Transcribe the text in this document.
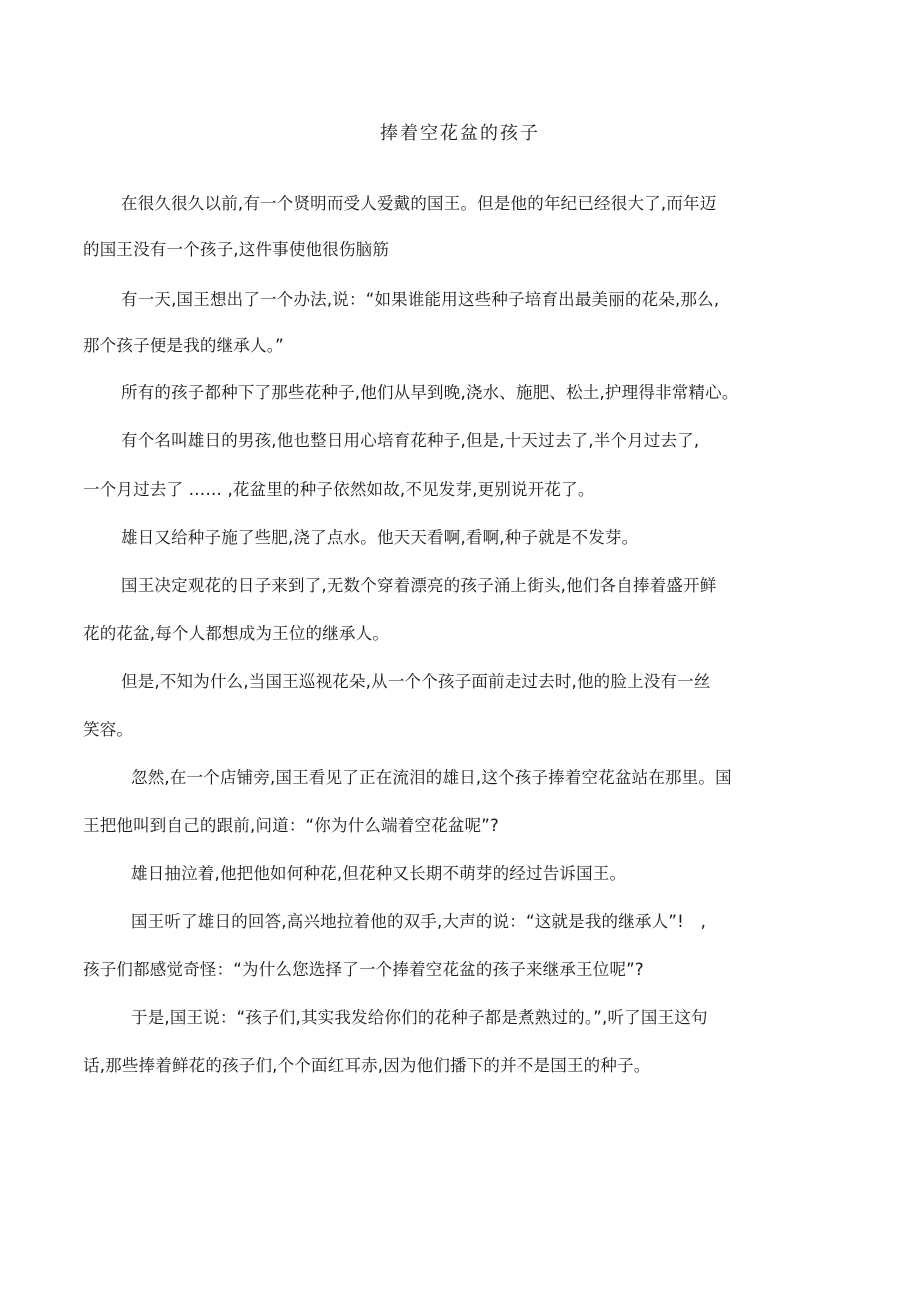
捧着空花盆的孩子
在很久很久以前,有一个贤明而受人爱戴的国王。但是他的年纪已经很大了,而年迈
的国王没有一个孩子,这件事使他很伤脑筋
有一天,国王想出了一个办法,说：“如果谁能用这些种子培育出最美丽的花朵,那么,
那个孩子便是我的继承人。”
所有的孩子都种下了那些花种子,他们从早到晚,浇水、施肥、松土,护理得非常精心。
有个名叫雄日的男孩,他也整日用心培育花种子,但是,十天过去了,半个月过去了,
一个月过去了 …… ,花盆里的种子依然如故,不见发芽,更别说开花了。
雄日又给种子施了些肥,浇了点水。他天天看啊,看啊,种子就是不发芽。
国王决定观花的日子来到了,无数个穿着漂亮的孩子涌上街头,他们各自捧着盛开鲜
花的花盆,每个人都想成为王位的继承人。
但是,不知为什么,当国王巡视花朵,从一个个孩子面前走过去时,他的脸上没有一丝
笑容。
忽然,在一个店铺旁,国王看见了正在流泪的雄日,这个孩子捧着空花盆站在那里。国
王把他叫到自己的跟前,问道：“你为什么端着空花盆呢”?
雄日抽泣着,他把他如何种花,但花种又长期不萌芽的经过告诉国王。
国王听了雄日的回答,高兴地拉着他的双手,大声的说：“这就是我的继承人”!　,
孩子们都感觉奇怪：“为什么您选择了一个捧着空花盆的孩子来继承王位呢”?
于是,国王说：“孩子们,其实我发给你们的花种子都是煮熟过的。”,听了国王这句
话,那些捧着鲜花的孩子们,个个面红耳赤,因为他们播下的并不是国王的种子。
